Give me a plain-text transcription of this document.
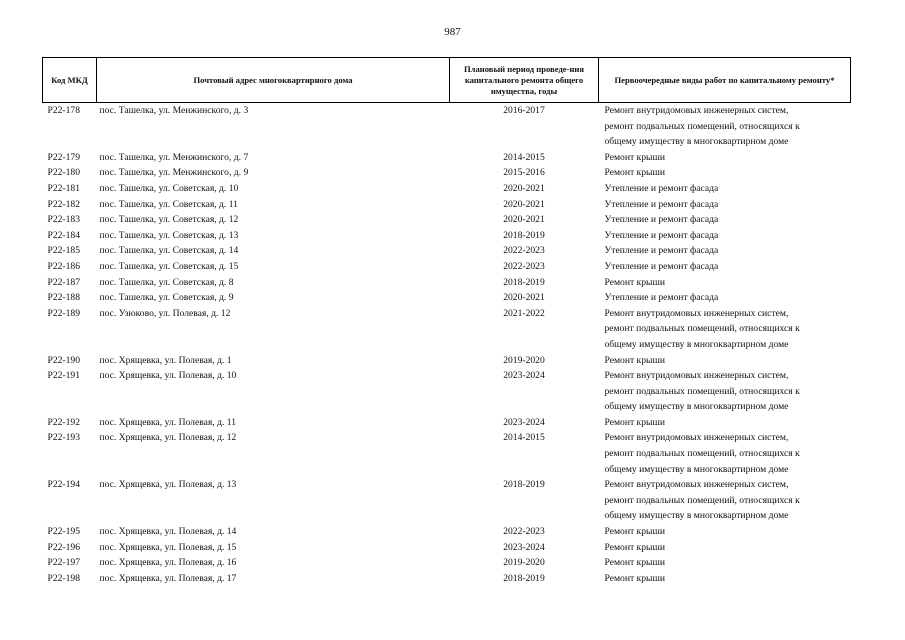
987
Код МКД	Почтовый адрес многоквартирного дома	Плановый период проведе-ния капитального ремонта общего имущества, годы	Первоочередные виды работ по капитальному ремонту*
Р22-178	пос. Ташелка, ул. Менжинского, д. 3	2016-2017	Ремонт внутридомовых инженерных систем,
ремонт подвальных помещений, относящихся к
общему имуществу в многоквартирном доме

Р22-179	пос. Ташелка, ул. Менжинского, д. 7	2014-2015	Ремонт крыши

Р22-180	пос. Ташелка, ул. Менжинского, д. 9	2015-2016	Ремонт крыши

Р22-181	пос. Ташелка, ул. Советская, д. 10	2020-2021	Утепление и ремонт фасада

Р22-182	пос. Ташелка, ул. Советская, д. 11	2020-2021	Утепление и ремонт фасада

Р22-183	пос. Ташелка, ул. Советская, д. 12	2020-2021	Утепление и ремонт фасада

Р22-184	пос. Ташелка, ул. Советская, д. 13	2018-2019	Утепление и ремонт фасада

Р22-185	пос. Ташелка, ул. Советская, д. 14	2022-2023	Утепление и ремонт фасада

Р22-186	пос. Ташелка, ул. Советская, д. 15	2022-2023	Утепление и ремонт фасада

Р22-187	пос. Ташелка, ул. Советская, д. 8	2018-2019	Ремонт крыши

Р22-188	пос. Ташелка, ул. Советская, д. 9	2020-2021	Утепление и ремонт фасада

Р22-189	пос. Узюково, ул. Полевая, д. 12	2021-2022	Ремонт внутридомовых инженерных систем,
ремонт подвальных помещений, относящихся к
общему имуществу в многоквартирном доме

Р22-190	пос. Хрящевка, ул. Полевая, д. 1	2019-2020	Ремонт крыши

Р22-191	пос. Хрящевка, ул. Полевая, д. 10	2023-2024	Ремонт внутридомовых инженерных систем,
ремонт подвальных помещений, относящихся к
общему имуществу в многоквартирном доме

Р22-192	пос. Хрящевка, ул. Полевая, д. 11	2023-2024	Ремонт крыши

Р22-193	пос. Хрящевка, ул. Полевая, д. 12	2014-2015	Ремонт внутридомовых инженерных систем,
ремонт подвальных помещений, относящихся к
общему имуществу в многоквартирном доме

Р22-194	пос. Хрящевка, ул. Полевая, д. 13	2018-2019	Ремонт внутридомовых инженерных систем,
ремонт подвальных помещений, относящихся к
общему имуществу в многоквартирном доме

Р22-195	пос. Хрящевка, ул. Полевая, д. 14	2022-2023	Ремонт крыши

Р22-196	пос. Хрящевка, ул. Полевая, д. 15	2023-2024	Ремонт крыши

Р22-197	пос. Хрящевка, ул. Полевая, д. 16	2019-2020	Ремонт крыши

Р22-198	пос. Хрящевка, ул. Полевая, д. 17	2018-2019	Ремонт крыши
